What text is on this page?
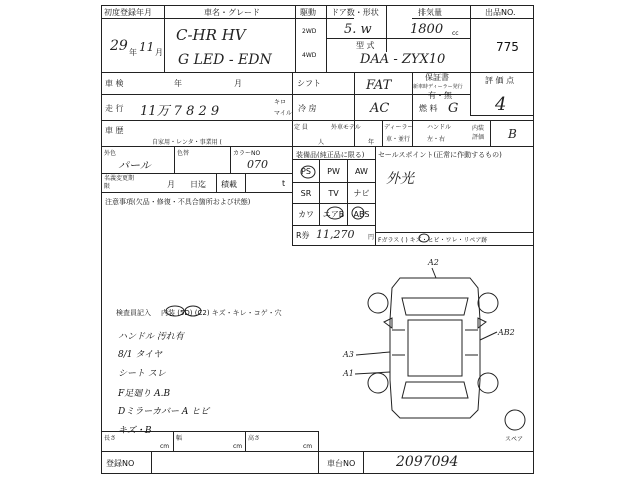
初度登録年月
29 年 11 月
車名・グレード
C-HR HV
G LED - EDN
駆動
2WD
4WD
ドア数・形状
5. w
排気量
1800 cc
型 式
DAA - ZYX10
出品NO.
775
車 検	年	月	シフト	FAT
保証書
新車時ディーラー発行
有・無
評 価 点
4
走 行 11万 7 8 2 9
キロ
マイル
冷 房	AC	燃 料 G
車 歴
自家用・レンタ・事業用 (
定 員
人
外車モデル
年
ディーラー
車・並行
ハンドル
左・右
内装評価	B
外色
パール
色替	カラーNO
070
名義変更期 限	月 日迄 積載	t
注意事項(欠品・修復・不具合箇所および状態)
装備品(純正品に限る)
PS	PW	AW
SR	TV	ナビ
カワ	エアB	ABS
R券 11,270 円
セールスポイント(正常に作動するもの)
外光
Fガラス ( ) キズ・ヒビ・ワレ・リペア跡
A2
AB2
A3
A1
スペア
検査員記入 内装 (5D) (C2) キズ・キレ・コゲ・穴
ハンドル 汚れ有
8/1 タイヤ
シート スレ
F足廻り A.B
Dミラーカバー A ヒビ
キズ・B
長さ
cm
幅
cm
高さ
cm
登録NO	車台NO	2097094
